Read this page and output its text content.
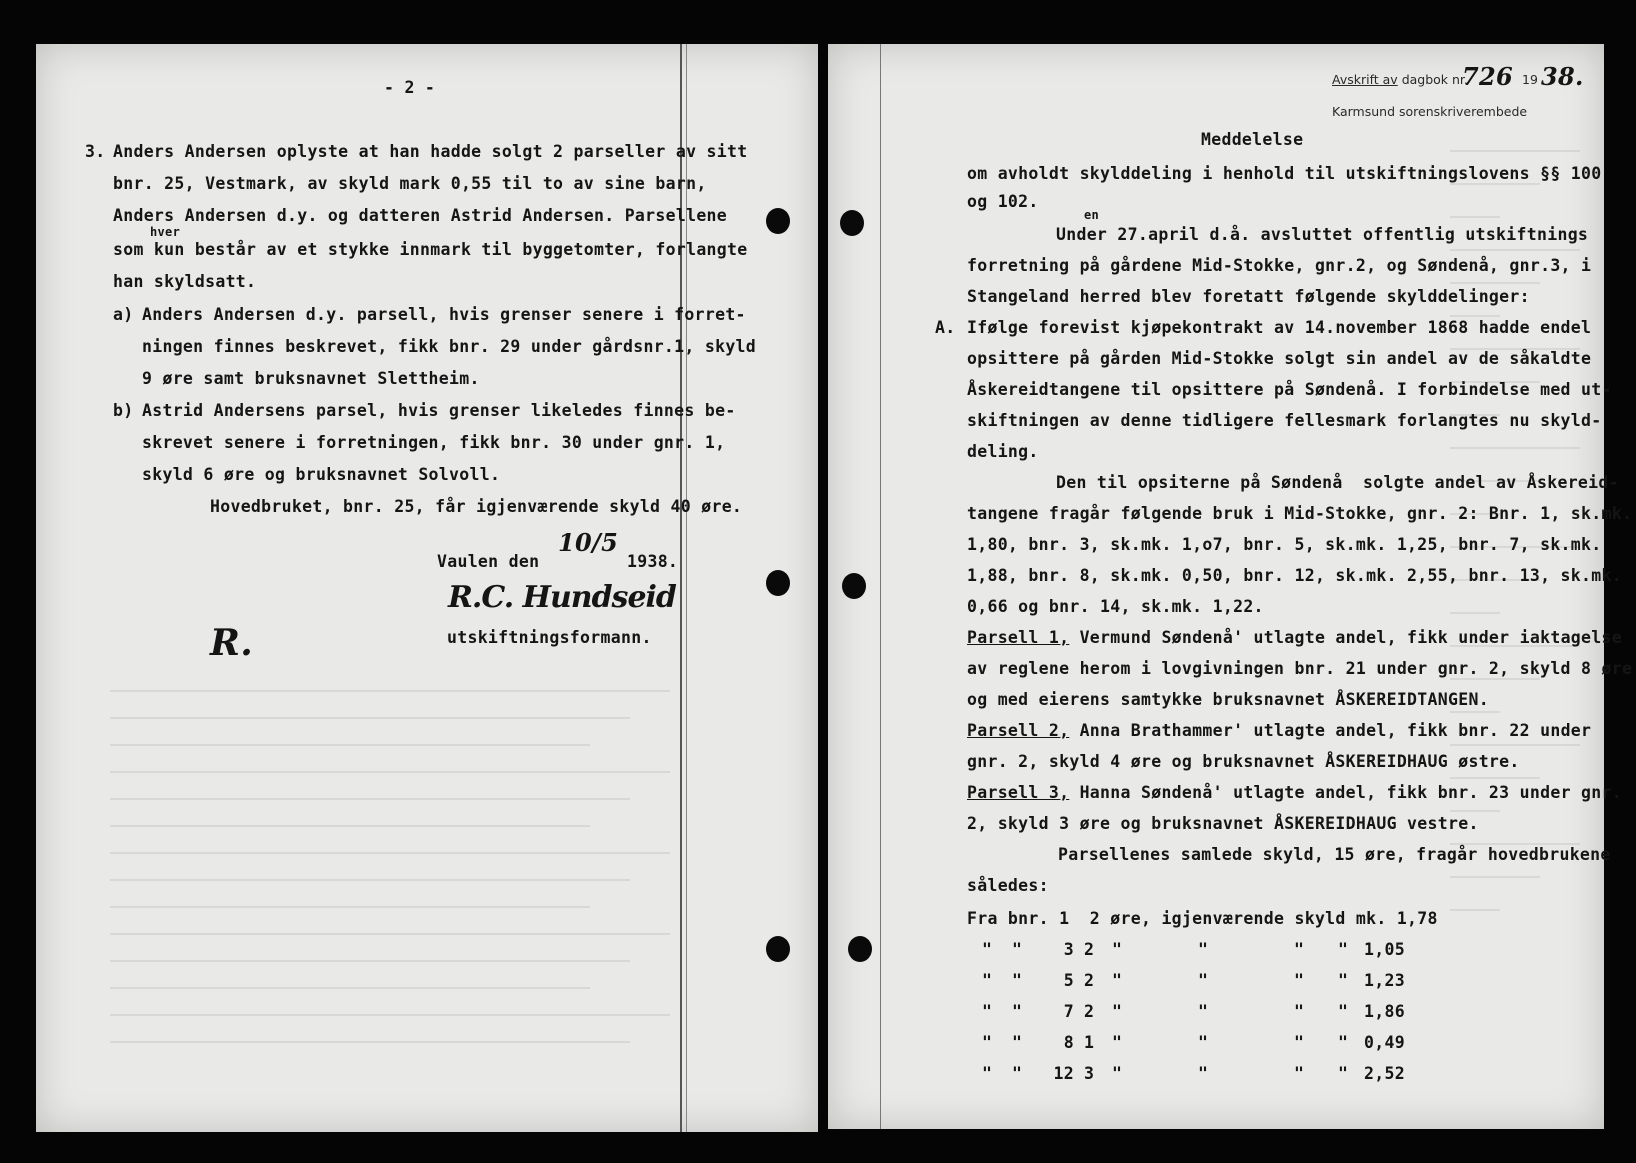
- 2 -
3. Anders Andersen oplyste at han hadde solgt 2 parseller av sitt
bnr. 25, Vestmark, av skyld mark 0,55 til to av sine barn,
Anders Andersen d.y. og datteren Astrid Andersen. Parsellene
hver
som kun består av et stykke innmark til byggetomter, forlangte
han skyldsatt.
a) Anders Andersen d.y. parsell, hvis grenser senere i forret-
ningen finnes beskrevet, fikk bnr. 29 under gårdsnr.1, skyld
9 øre samt bruksnavnet Slettheim.
b) Astrid Andersens parsel, hvis grenser likeledes finnes be-
skrevet senere i forretningen, fikk bnr. 30 under gnr. 1,
skyld 6 øre og bruksnavnet Solvoll.
Hovedbruket, bnr. 25, får igjenværende skyld 40 øre.
Vaulen den
10/5
1938.
R.C. Hundseid
utskiftningsformann.
R.
Avskrift av dagbok nr.
726 19 38.
Karmsund sorenskriverembede
Meddelelse
om avholdt skylddeling i henhold til utskiftningslovens §§ 100
og 102.
en
Under 27.april d.å. avsluttet offentlig utskiftnings
forretning på gårdene Mid-Stokke, gnr.2, og Søndenå, gnr.3, i
Stangeland herred blev foretatt følgende skylddelinger:
A. Ifølge forevist kjøpekontrakt av 14.november 1868 hadde endel
opsittere på gården Mid-Stokke solgt sin andel av de såkaldte
Åskereidtangene til opsittere på Søndenå. I forbindelse med ut-
skiftningen av denne tidligere fellesmark forlangtes nu skyld-
deling.
Den til opsiterne på Søndenå  solgte andel av Åskereid-
tangene fragår følgende bruk i Mid-Stokke, gnr. 2: Bnr. 1, sk.mk.
1,80, bnr. 3, sk.mk. 1,o7, bnr. 5, sk.mk. 1,25, bnr. 7, sk.mk.
1,88, bnr. 8, sk.mk. 0,50, bnr. 12, sk.mk. 2,55, bnr. 13, sk.mk.
0,66 og bnr. 14, sk.mk. 1,22.
Parsell 1, Vermund Søndenå' utlagte andel, fikk under iaktagelse
av reglene herom i lovgivningen bnr. 21 under gnr. 2, skyld 8 øre
og med eierens samtykke bruksnavnet ÅSKEREIDTANGEN.
Parsell 2, Anna Brathammer' utlagte andel, fikk bnr. 22 under
gnr. 2, skyld 4 øre og bruksnavnet ÅSKEREIDHAUG østre.
Parsell 3, Hanna Søndenå' utlagte andel, fikk bnr. 23 under gnr.
2, skyld 3 øre og bruksnavnet ÅSKEREIDHAUG vestre.
Parsellenes samlede skyld, 15 øre, fragår hovedbrukene
således:
Fra bnr. 1  2 øre, igjenværende skyld mk. 1,78
" "	3 2 "	"	" " 1,05
" "	5 2 "	"	" " 1,23
" "	7 2 "	"	" " 1,86
" "	8 1 "	"	" " 0,49
" "	12 3 "	"	" " 2,52
